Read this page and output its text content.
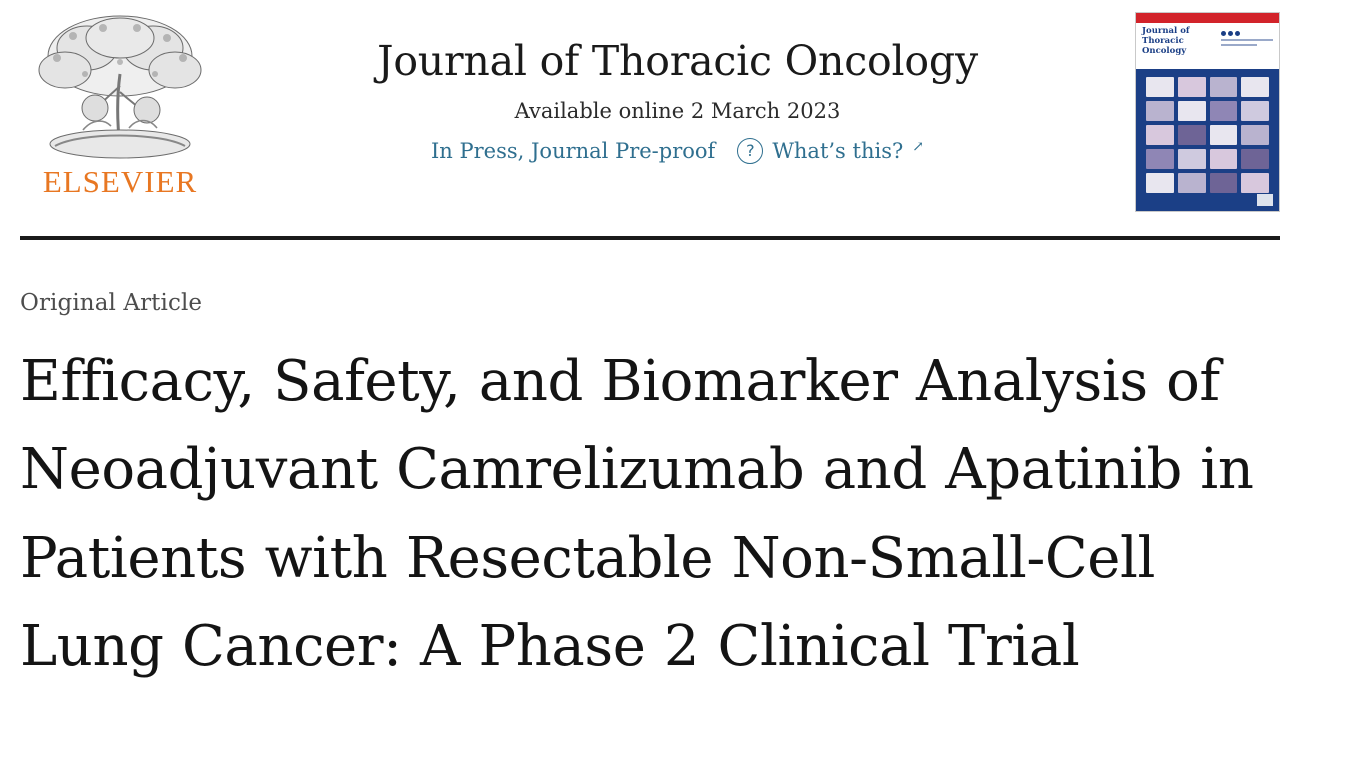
ELSEVIER
Journal of Thoracic Oncology
Available online 2 March 2023
In Press, Journal Pre-proof	? What’s this? ↗
Journal of Thoracic Oncology
Original Article
Efficacy, Safety, and Biomarker Analysis of Neoadjuvant Camrelizumab and Apatinib in Patients with Resectable Non-Small-Cell Lung Cancer: A Phase 2 Clinical Trial
